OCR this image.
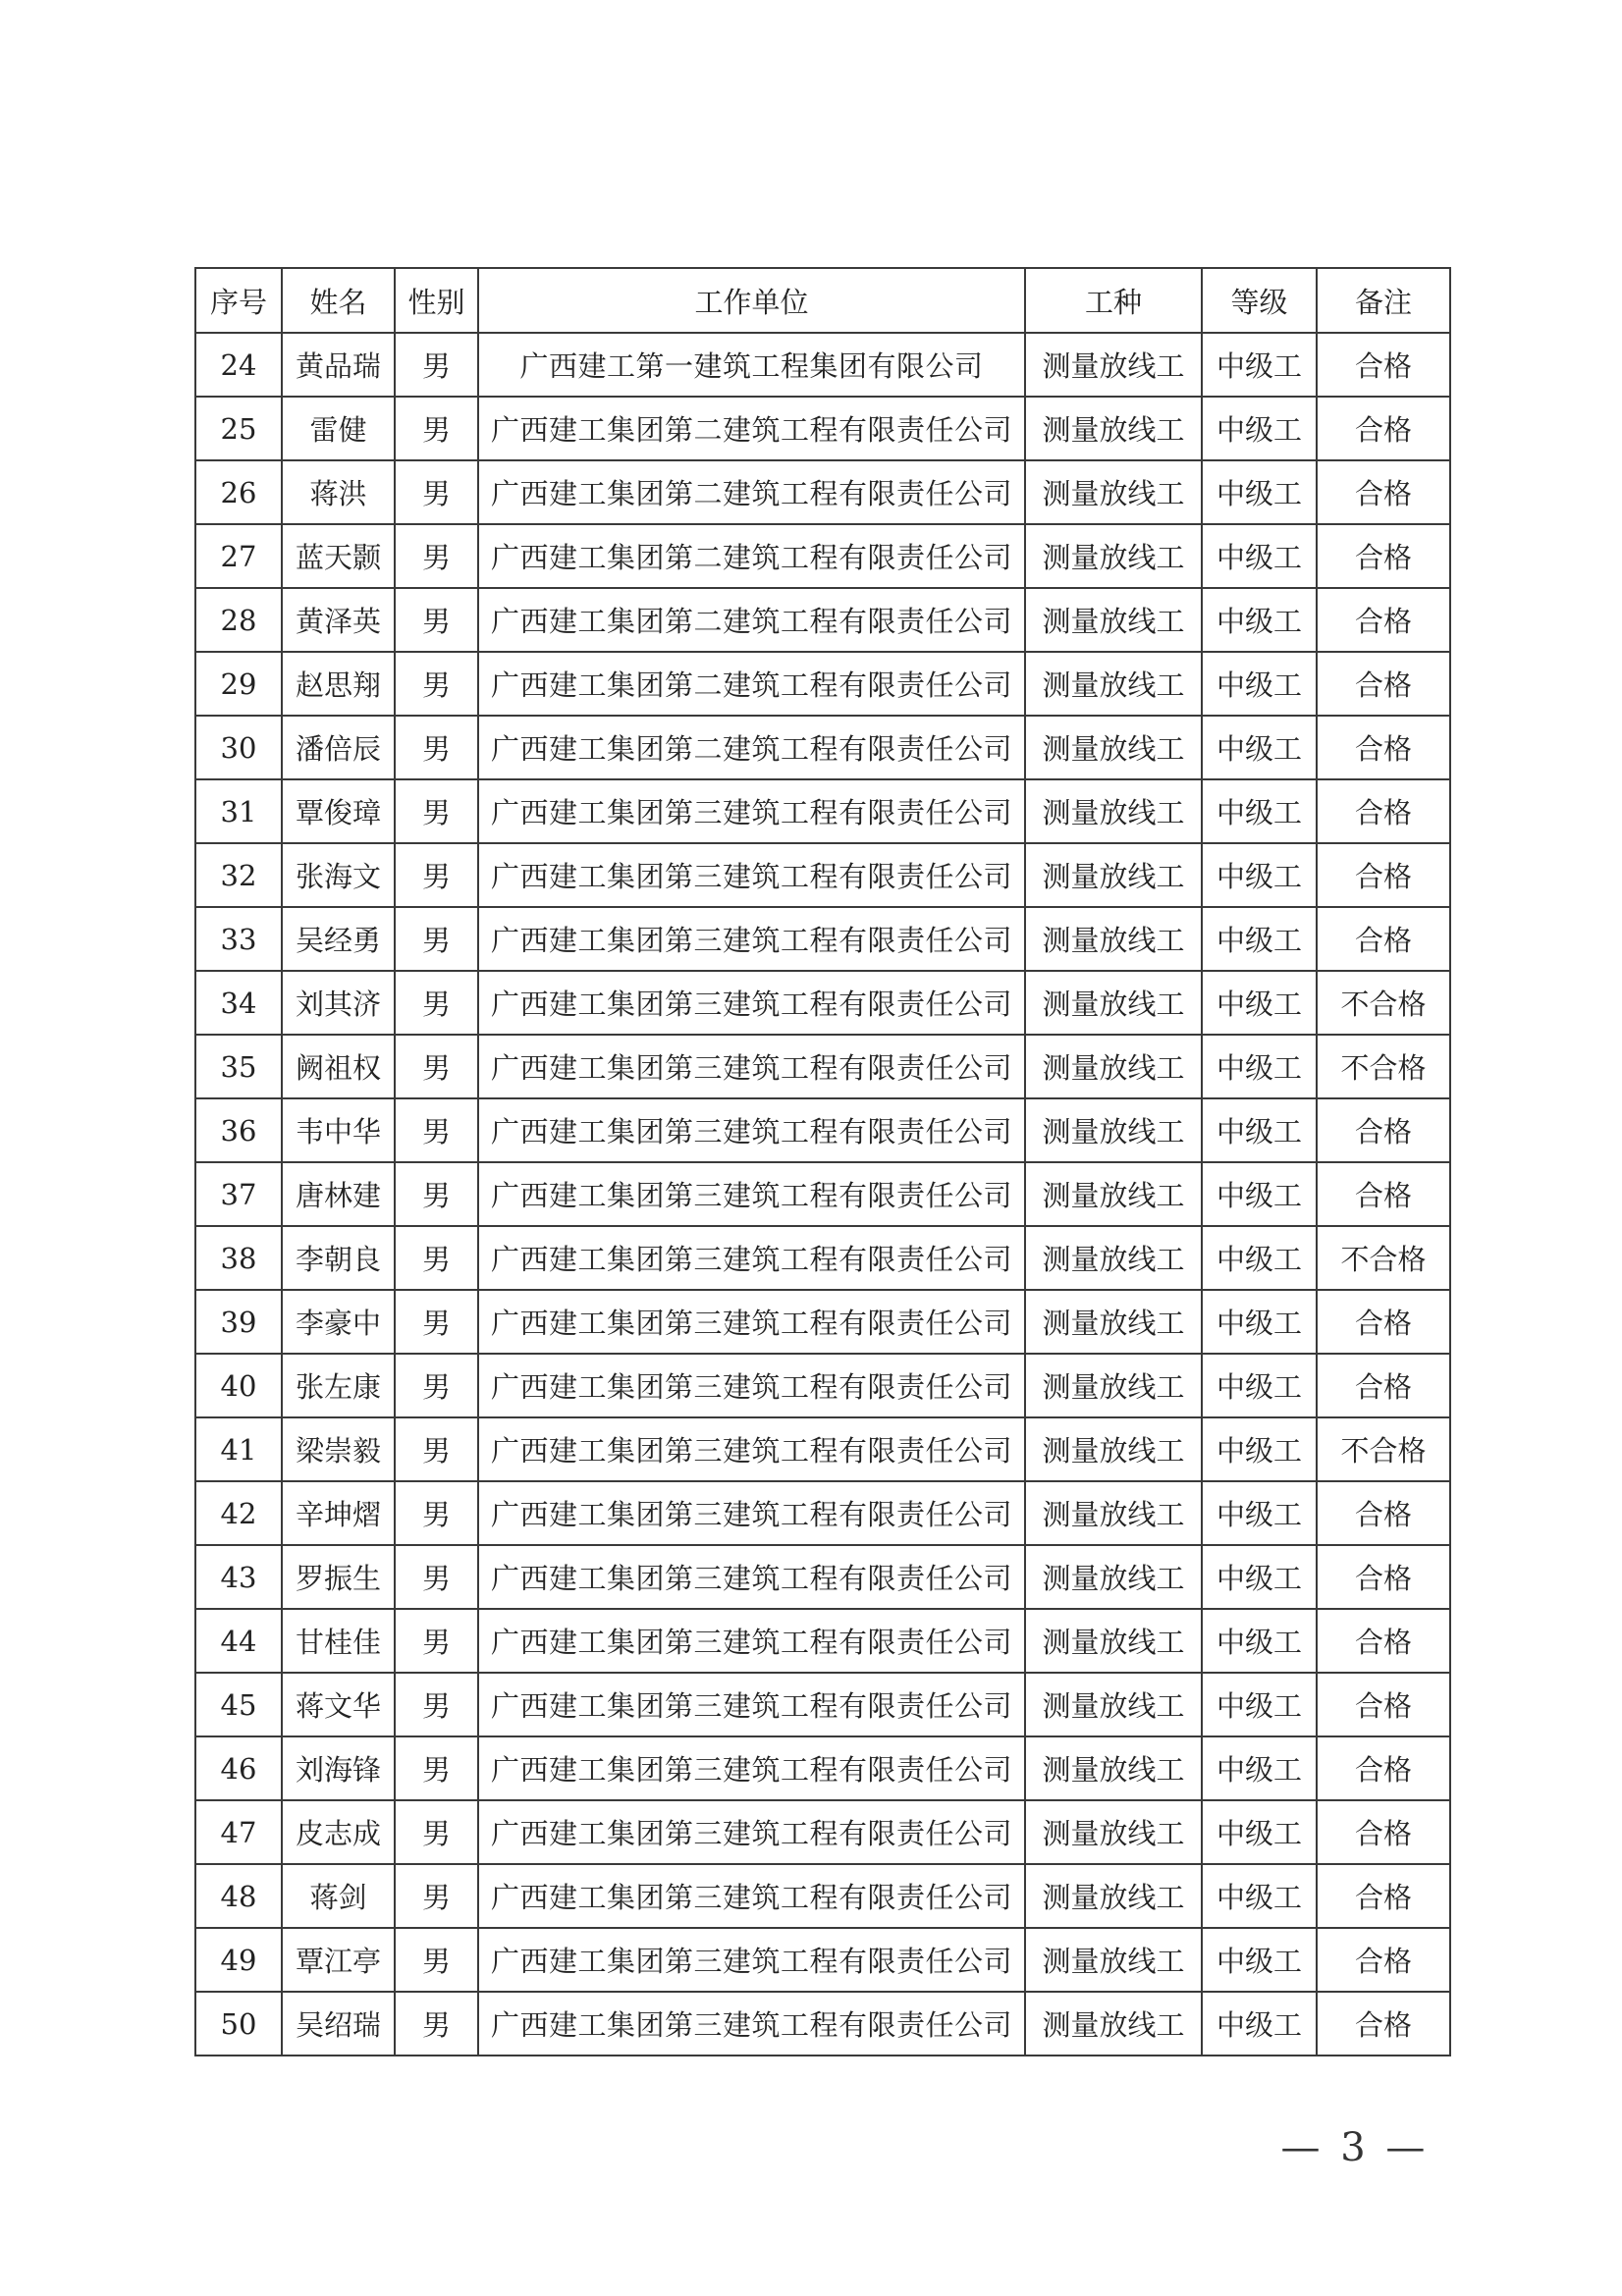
序号	姓名	性别	工作单位	工种	等级	备注
24	黄品瑞	男	广西建工第一建筑工程集团有限公司	测量放线工	中级工	合格
25	雷健	男	广西建工集团第二建筑工程有限责任公司	测量放线工	中级工	合格
26	蒋洪	男	广西建工集团第二建筑工程有限责任公司	测量放线工	中级工	合格
27	蓝天颢	男	广西建工集团第二建筑工程有限责任公司	测量放线工	中级工	合格
28	黄泽英	男	广西建工集团第二建筑工程有限责任公司	测量放线工	中级工	合格
29	赵思翔	男	广西建工集团第二建筑工程有限责任公司	测量放线工	中级工	合格
30	潘倍辰	男	广西建工集团第二建筑工程有限责任公司	测量放线工	中级工	合格
31	覃俊璋	男	广西建工集团第三建筑工程有限责任公司	测量放线工	中级工	合格
32	张海文	男	广西建工集团第三建筑工程有限责任公司	测量放线工	中级工	合格
33	吴经勇	男	广西建工集团第三建筑工程有限责任公司	测量放线工	中级工	合格
34	刘其济	男	广西建工集团第三建筑工程有限责任公司	测量放线工	中级工	不合格
35	阙祖权	男	广西建工集团第三建筑工程有限责任公司	测量放线工	中级工	不合格
36	韦中华	男	广西建工集团第三建筑工程有限责任公司	测量放线工	中级工	合格
37	唐林建	男	广西建工集团第三建筑工程有限责任公司	测量放线工	中级工	合格
38	李朝良	男	广西建工集团第三建筑工程有限责任公司	测量放线工	中级工	不合格
39	李豪中	男	广西建工集团第三建筑工程有限责任公司	测量放线工	中级工	合格
40	张左康	男	广西建工集团第三建筑工程有限责任公司	测量放线工	中级工	合格
41	梁崇毅	男	广西建工集团第三建筑工程有限责任公司	测量放线工	中级工	不合格
42	辛坤熠	男	广西建工集团第三建筑工程有限责任公司	测量放线工	中级工	合格
43	罗振生	男	广西建工集团第三建筑工程有限责任公司	测量放线工	中级工	合格
44	甘桂佳	男	广西建工集团第三建筑工程有限责任公司	测量放线工	中级工	合格
45	蒋文华	男	广西建工集团第三建筑工程有限责任公司	测量放线工	中级工	合格
46	刘海锋	男	广西建工集团第三建筑工程有限责任公司	测量放线工	中级工	合格
47	皮志成	男	广西建工集团第三建筑工程有限责任公司	测量放线工	中级工	合格
48	蒋剑	男	广西建工集团第三建筑工程有限责任公司	测量放线工	中级工	合格
49	覃江亭	男	广西建工集团第三建筑工程有限责任公司	测量放线工	中级工	合格
50	吴绍瑞	男	广西建工集团第三建筑工程有限责任公司	测量放线工	中级工	合格
— 3 —
